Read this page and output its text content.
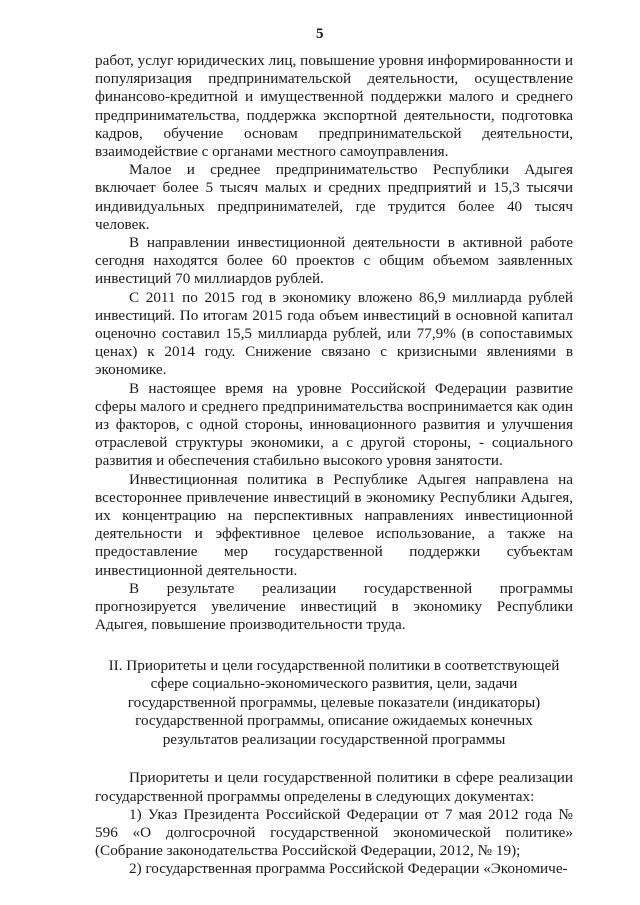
5

работ, услуг юридических лиц, повышение уровня информированности и популяризация предпринимательской деятельности, осуществление финансово-кредитной и имущественной поддержки малого и среднего предпринимательства, поддержка экспортной деятельности, подготовка кадров, обучение основам предпринимательской деятельности, взаимодействие с органами местного самоуправления.

Малое и среднее предпринимательство Республики Адыгея включает более 5 тысяч малых и средних предприятий и 15,3 тысячи индивидуальных предпринимателей, где трудится более 40 тысяч человек.

В направлении инвестиционной деятельности в активной работе сегодня находятся более 60 проектов с общим объемом заявленных инвестиций 70 миллиардов рублей.

С 2011 по 2015 год в экономику вложено 86,9 миллиарда рублей инвестиций. По итогам 2015 года объем инвестиций в основной капитал оценочно составил 15,5 миллиарда рублей, или 77,9% (в сопоставимых ценах) к 2014 году. Снижение связано с кризисными явлениями в экономике.

В настоящее время на уровне Российской Федерации развитие сферы малого и среднего предпринимательства воспринимается как один из факторов, с одной стороны, инновационного развития и улучшения отраслевой структуры экономики, а с другой стороны, - социального развития и обеспечения стабильно высокого уровня занятости.

Инвестиционная политика в Республике Адыгея направлена на всестороннее привлечение инвестиций в экономику Республики Адыгея, их концентрацию на перспективных направлениях инвестиционной деятельности и эффективное целевое использование, а также на предоставление мер государственной поддержки субъектам инвестиционной деятельности.

В результате реализации государственной программы прогнозируется увеличение инвестиций в экономику Республики Адыгея, повышение производительности труда.

II. Приоритеты и цели государственной политики в соответствующей сфере социально-экономического развития, цели, задачи государственной программы, целевые показатели (индикаторы) государственной программы, описание ожидаемых конечных результатов реализации государственной программы

Приоритеты и цели государственной политики в сфере реализации государственной программы определены в следующих документах:

1) Указ Президента Российской Федерации от 7 мая 2012 года № 596 «О долгосрочной государственной экономической политике» (Собрание законодательства Российской Федерации, 2012, № 19);

2) государственная программа Российской Федерации «Экономиче-
